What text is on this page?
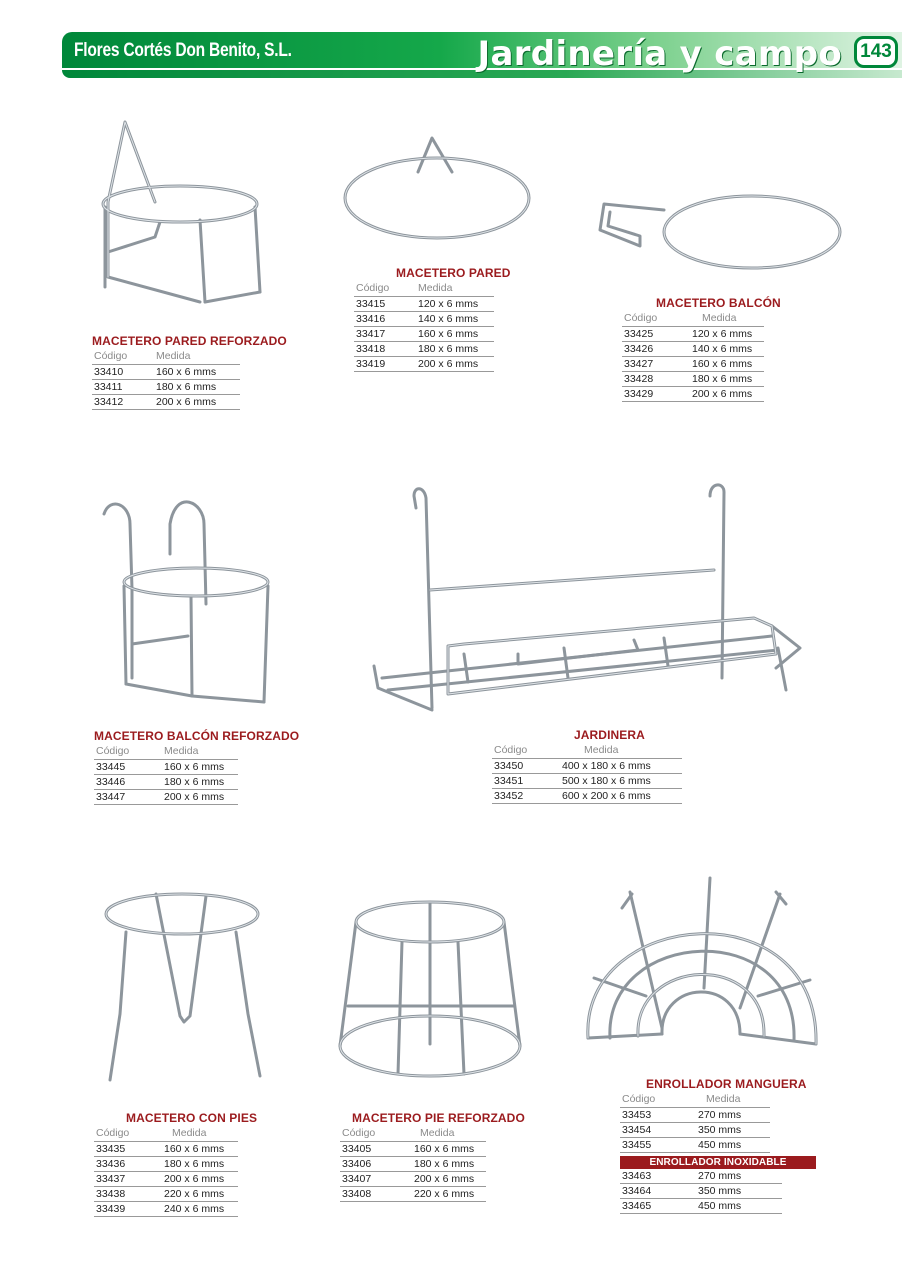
Flores Cortés Don Benito, S.L.	Jardinería y campo 143
MACETERO PARED REFORZADO
Código	Medida
33410	160 x 6 mms
33411	180 x 6 mms
33412	200 x 6 mms
MACETERO PARED
Código	Medida
33415	120 x 6 mms
33416	140 x 6 mms
33417	160 x 6 mms
33418	180 x 6 mms
33419	200 x 6 mms
MACETERO BALCÓN
Código	Medida
33425	120 x 6 mms
33426	140 x 6 mms
33427	160 x 6 mms
33428	180 x 6 mms
33429	200 x 6 mms
MACETERO BALCÓN REFORZADO
Código	Medida
33445	160 x 6 mms
33446	180 x 6 mms
33447	200 x 6 mms
JARDINERA
Código	Medida
33450	400 x 180 x 6 mms
33451	500 x 180 x 6 mms
33452	600 x 200 x 6 mms
MACETERO CON PIES
Código	Medida
33435	160 x 6 mms
33436	180 x 6 mms
33437	200 x 6 mms
33438	220 x 6 mms
33439	240 x 6 mms
MACETERO PIE REFORZADO
Código	Medida
33405	160 x 6 mms
33406	180 x 6 mms
33407	200 x 6 mms
33408	220 x 6 mms
ENROLLADOR MANGUERA
Código	Medida
33453	270 mms
33454	350 mms
33455	450 mms
ENROLLADOR INOXIDABLE
33463	270 mms
33464	350 mms
33465	450 mms
